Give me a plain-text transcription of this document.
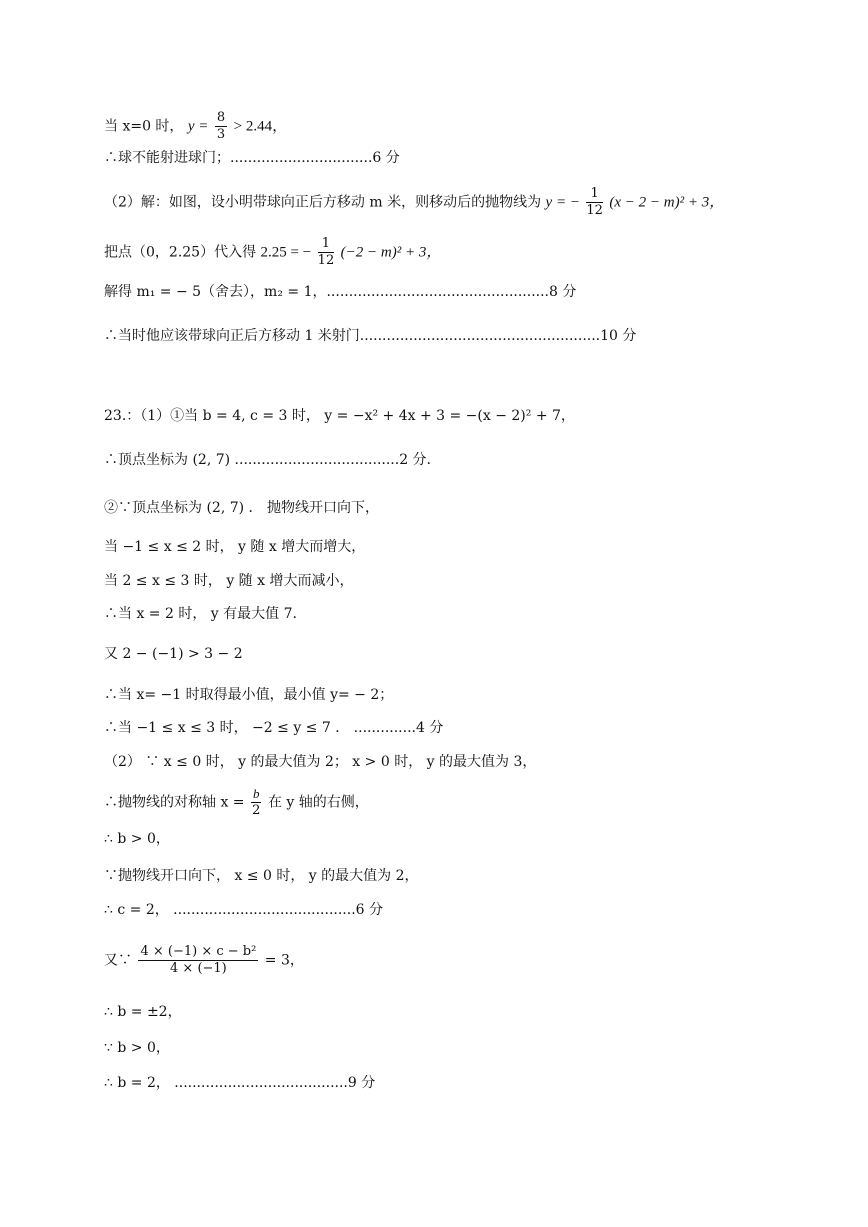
当 x=0 时， $y = \frac{8}{3} > 2.44$，
∴球不能射进球门；................................6 分
（2）解：如图，设小明带球向正后方移动 m 米，则移动后的抛物线为 y = − $\frac{1}{12} (x - 2 - m)^2 + 3$，
把点（0，2.25）代入得 2.25 = − $\frac{1}{12} (-2 - m)^2 + 3$，
解得 m₁ = − 5（舍去），m₂ = 1，..................................................8 分
∴当时他应该带球向正后方移动 1 米射门......................................................10 分
23.：（1）①当 b = 4, c = 3 时， y = −x² + 4x + 3 = −(x − 2)² + 7，
∴顶点坐标为 (2, 7) .....................................2 分.
②∵顶点坐标为 (2, 7) ． 抛物线开口向下，
当 −1 ≤ x ≤ 2 时， y 随 x 增大而增大，
当 2 ≤ x ≤ 3 时， y 随 x 增大而减小，
∴当 x = 2 时， y 有最大值 7.
又 2 − (−1) > 3 − 2
∴当 x= −1 时取得最小值，最小值 y= − 2；
∴当 −1 ≤ x ≤ 3 时， −2 ≤ y ≤ 7 ． ..............4 分
（2） ∵ x ≤ 0 时， y 的最大值为 2； x > 0 时， y 的最大值为 3，
∴抛物线的对称轴 $x = \frac{b}{2}$ 在 y 轴的右侧，
∴ b > 0，
∵抛物线开口向下， x ≤ 0 时， y 的最大值为 2，
∴ c = 2， .........................................6 分
又∵ $\frac{\text{4 × (−1) × c − b²}}{4 \times (-1)} = 3$，
∴ b = ±2，
∵ b > 0，
∴ b = 2， .......................................9 分
